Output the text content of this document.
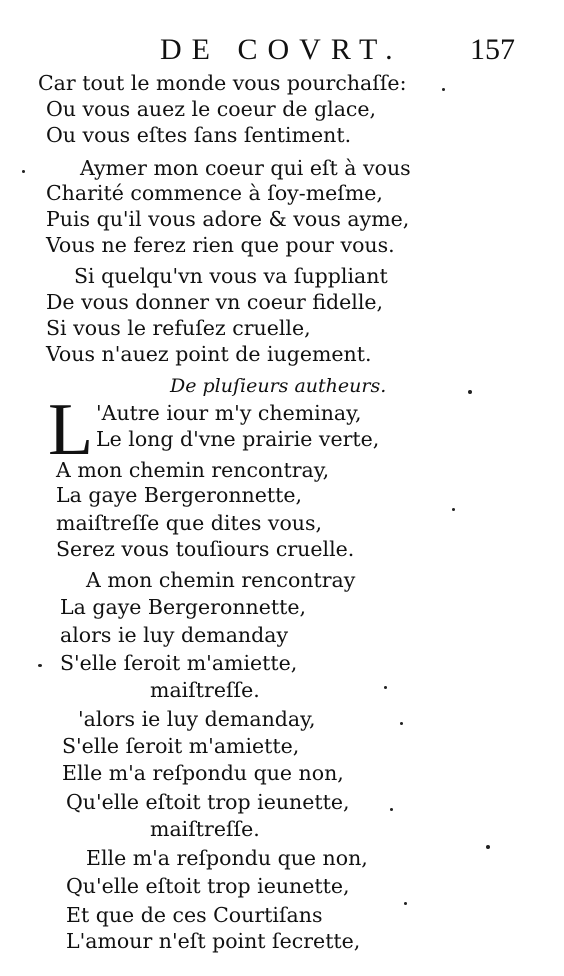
DE COVRT. 157
Car tout le monde vous pourchaſſe:
Ou vous auez le coeur de glace,
Ou vous eſtes ſans ſentiment.
Aymer mon coeur qui eſt à vous
Charité commence à ſoy-meſme,
Puis qu'il vous adore & vous ayme,
Vous ne ferez rien que pour vous.
Si quelqu'vn vous va ſuppliant
De vous donner vn coeur fidelle,
Si vous le refuſez cruelle,
Vous n'auez point de iugement.
De pluſieurs autheurs.
'Autre iour m'y cheminay,
Le long d'vne prairie verte,
A mon chemin rencontray,
La gaye Bergeronnette,
maiſtreſſe que dites vous,
Serez vous touſiours cruelle.
A mon chemin rencontray
La gaye Bergeronnette,
alors ie luy demanday
S'elle ſeroit m'amiette,
maiſtreſſe.
'alors ie luy demanday,
S'elle ſeroit m'amiette,
Elle m'a reſpondu que non,
Qu'elle eſtoit trop ieunette,
maiſtreſſe.
Elle m'a reſpondu que non,
Qu'elle eſtoit trop ieunette,
Et que de ces Courtiſans
L'amour n'eſt point ſecrette,
L
